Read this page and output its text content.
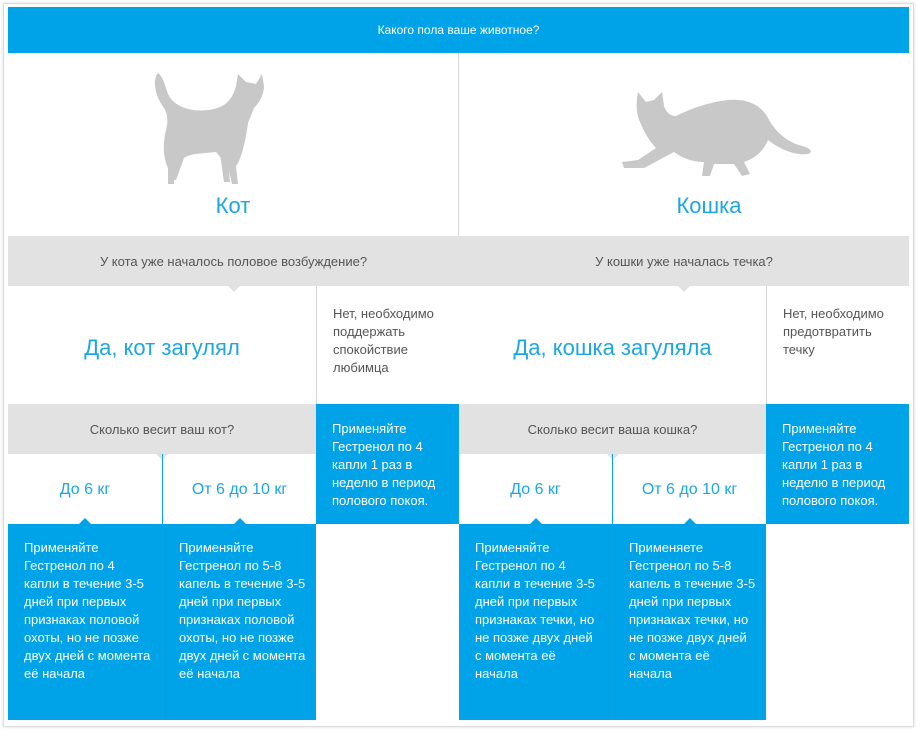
Какого пола ваше животное?
Кот
У кота уже началось половое возбуждение?
Да, кот загулял
Нет, необходимо поддержать спокойствие любимца
Сколько весит ваш кот?	Применяйте Гестренол по 4 капли 1 раз в неделю в период полового покоя.
До 6 кг	От 6 до 10 кг
Применяйте Гестренол по 4 капли в течение 3-5 дней при первых признаках половой охоты, но не позже двух дней с момента её начала
Применяйте Гестренол по 5-8 капель в течение 3-5 дней при первых признаках половой охоты, но не позже двух дней с момента её начала
Кошка
У кошки уже началась течка?
Да, кошка загуляла
Нет, необходимо предотвратить течку
Сколько весит ваша кошка?	Применяйте Гестренол по 4 капли 1 раз в неделю в период полового покоя.
До 6 кг	От 6 до 10 кг
Применяйте Гестренол по 4 капли в течение 3-5 дней при первых признаках течки, но не позже двух дней с момента её начала
Применяете Гестренол по 5-8 капель в течение 3-5 дней при первых признаках течки, но не позже двух дней с момента её начала
